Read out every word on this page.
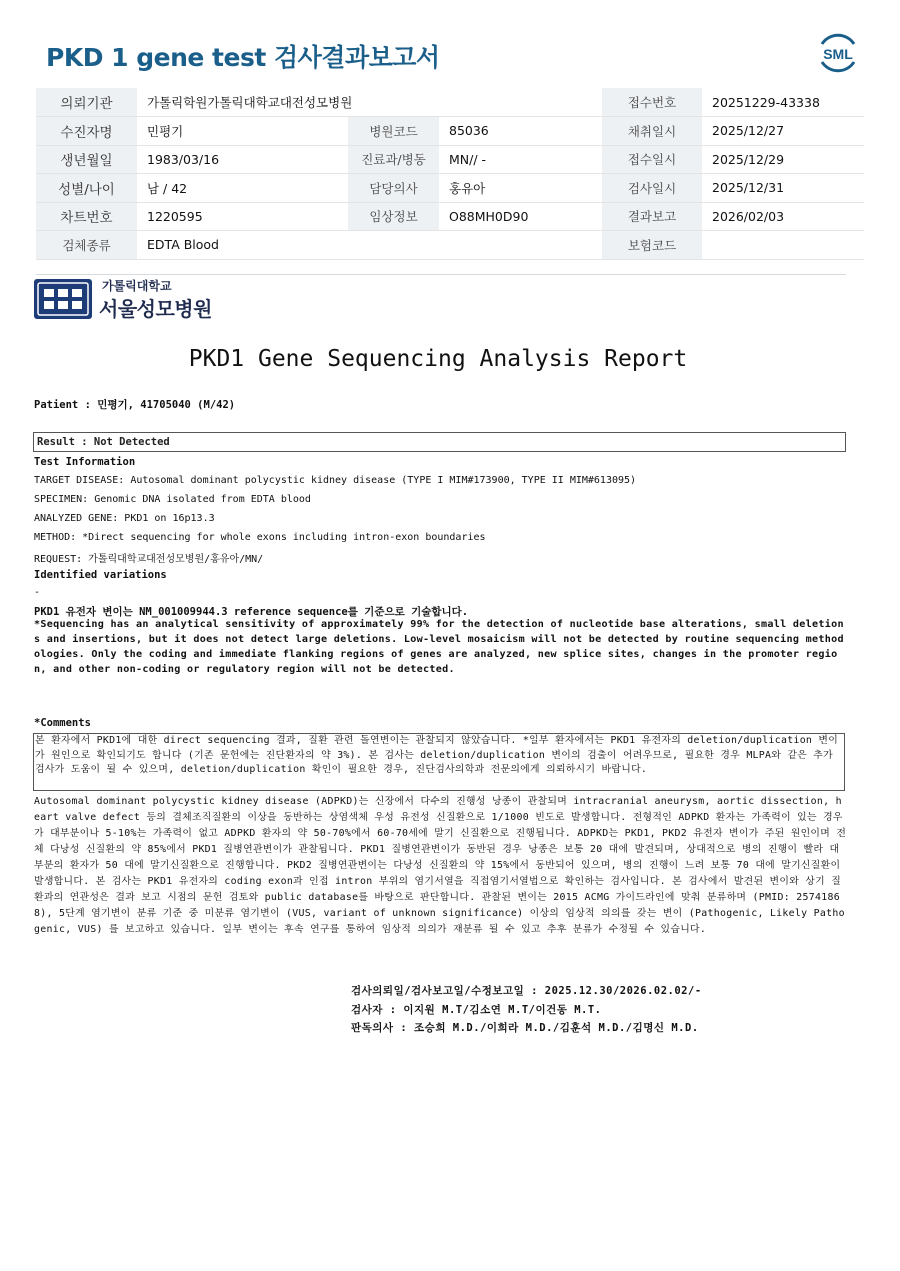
PKD 1 gene test 검사결과보고서	SML
의뢰기관	가톨릭학원가톨릭대학교대전성모병원			접수번호	20251229-43338
수진자명	민평기	병원코드	85036	채취일시	2025/12/27
생년월일	1983/03/16	진료과/병동	MN// -	접수일시	2025/12/29
성별/나이	남 / 42	담당의사	홍유아	검사일시	2025/12/31
차트번호	1220595	임상정보	O88MH0D90	결과보고	2026/02/03
검체종류	EDTA Blood			보험코드	
가톨릭대학교
서울성모병원
PKD1 Gene Sequencing Analysis Report
Patient : 민평기, 41705040 (M/42)
Result : Not Detected
Test Information
TARGET DISEASE: Autosomal dominant polycystic kidney disease (TYPE I MIM#173900, TYPE II MIM#613095)
SPECIMEN: Genomic DNA isolated from EDTA blood
ANALYZED GENE: PKD1 on 16p13.3
METHOD: *Direct sequencing for whole exons including intron-exon boundaries
REQUEST: 가톨릭대학교대전성모병원/홍유아/MN/
Identified variations
-
PKD1 유전자 변이는 NM_001009944.3 reference sequence를 기준으로 기술합니다.
*Sequencing has an analytical sensitivity of approximately 99% for the detection of nucleotide base alterations, small deletions and insertions, but it does not detect large deletions. Low-level mosaicism will not be detected by routine sequencing methodologies. Only the coding and immediate flanking regions of genes are analyzed, new splice sites, changes in the promoter region, and other non-coding or regulatory region will not be detected.
*Comments
본 환자에서 PKD1에 대한 direct sequencing 결과, 질환 관련 돌연변이는 관찰되지 않았습니다. *일부 환자에서는 PKD1 유전자의 deletion/duplication 변이가 원인으로 확인되기도 합니다 (기존 문헌에는 진단환자의 약 3%). 본 검사는 deletion/duplication 변이의 검출이 어려우므로, 필요한 경우 MLPA와 같은 추가 검사가 도움이 될 수 있으며, deletion/duplication 확인이 필요한 경우, 진단검사의학과 전문의에게 의뢰하시기 바랍니다.
Autosomal dominant polycystic kidney disease (ADPKD)는 신장에서 다수의 진행성 낭종이 관찰되며 intracranial aneurysm, aortic dissection, heart valve defect 등의 결체조직질환의 이상을 동반하는 상염색체 우성 유전성 신질환으로 1/1000 빈도로 발생합니다. 전형적인 ADPKD 환자는 가족력이 있는 경우가 대부분이나 5-10%는 가족력이 없고 ADPKD 환자의 약 50-70%에서 60-70세에 말기 신질환으로 진행됩니다. ADPKD는 PKD1, PKD2 유전자 변이가 주된 원인이며 전체 다낭성 신질환의 약 85%에서 PKD1 질병연관변이가 관찰됩니다. PKD1 질병연관변이가 동반된 경우 낭종은 보통 20 대에 발견되며, 상대적으로 병의 진행이 빨라 대부분의 환자가 50 대에 말기신질환으로 진행합니다. PKD2 질병연관변이는 다낭성 신질환의 약 15%에서 동반되어 있으며, 병의 진행이 느려 보통 70 대에 말기신질환이 발생합니다. 본 검사는 PKD1 유전자의 coding exon과 인접 intron 부위의 염기서열을 직접염기서열법으로 확인하는 검사입니다. 본 검사에서 발견된 변이와 상기 질환과의 연관성은 결과 보고 시점의 문헌 검토와 public database를 바탕으로 판단합니다. 관찰된 변이는 2015 ACMG 가이드라인에 맞춰 분류하며 (PMID: 25741868), 5단계 염기변이 분류 기준 중 미분류 염기변이 (VUS, variant of unknown significance) 이상의 임상적 의의를 갖는 변이 (Pathogenic, Likely Pathogenic, VUS) 를 보고하고 있습니다. 일부 변이는 후속 연구를 통하여 임상적 의의가 재분류 될 수 있고 추후 분류가 수정될 수 있습니다.
검사의뢰일/검사보고일/수정보고일 : 2025.12.30/2026.02.02/-
검사자 : 이지원 M.T/김소연 M.T/이건동 M.T.
판독의사 : 조승희 M.D./이희라 M.D./김훈석 M.D./김명신 M.D.
